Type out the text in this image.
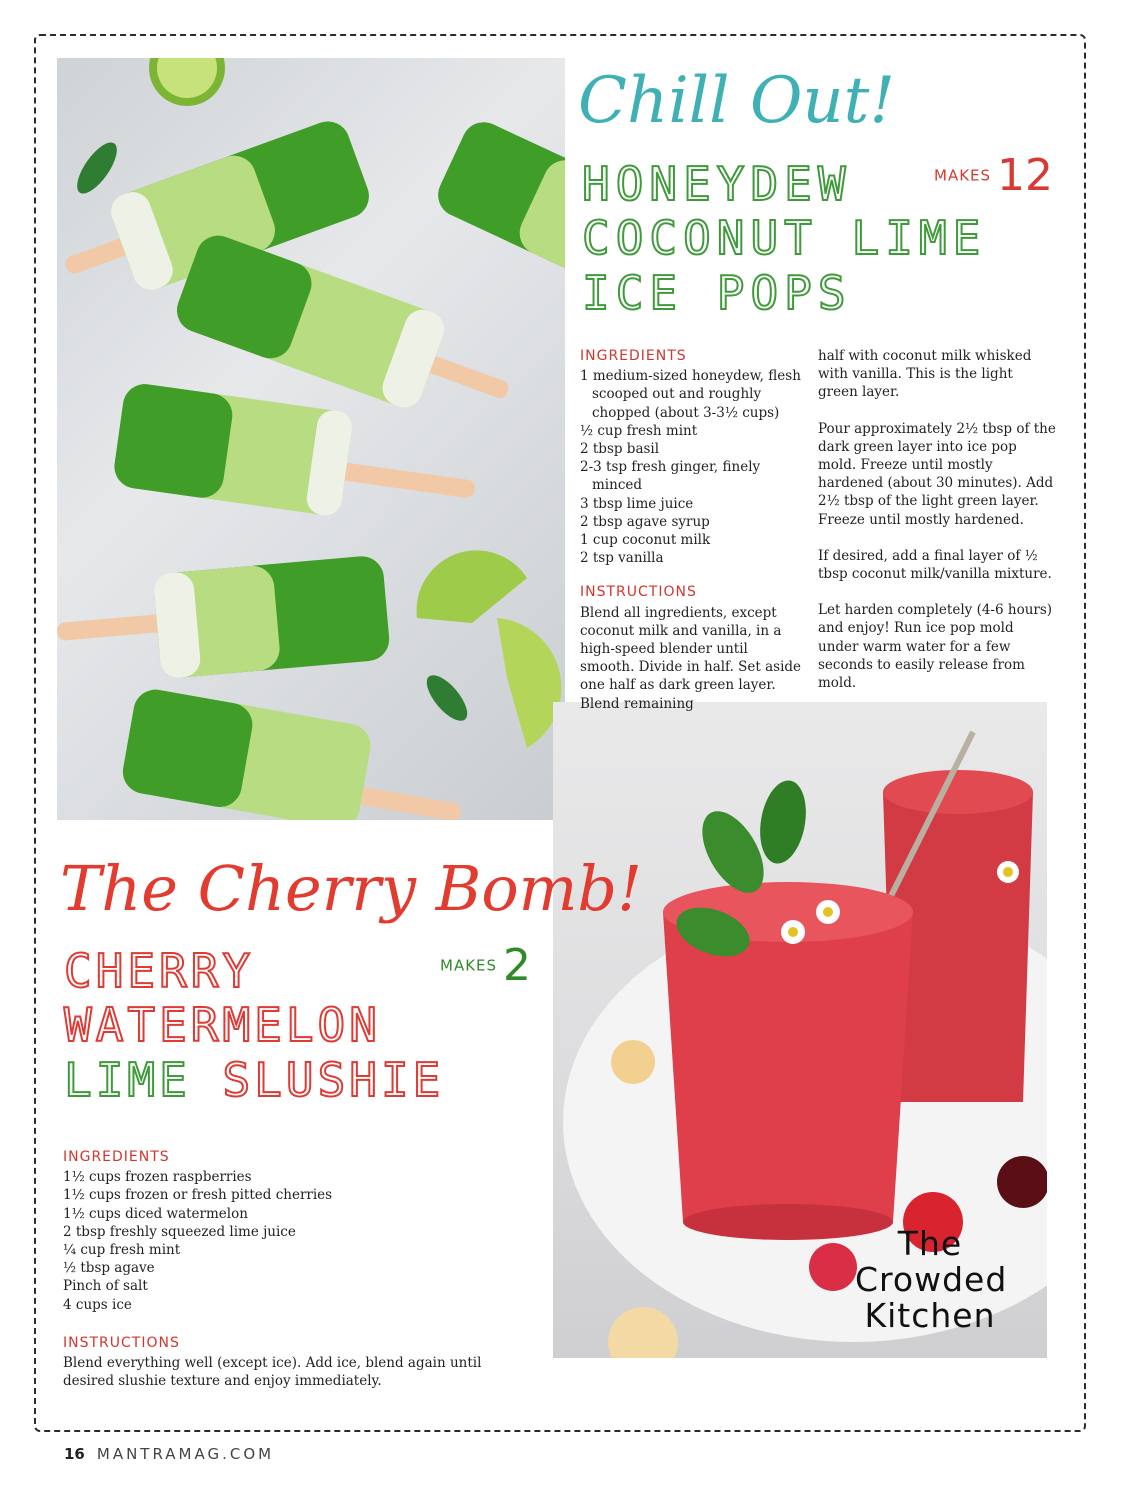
The
Crowded
Kitchen
Chill Out!
HONEYDEW
COCONUT LIME
ICE POPS
MAKES 12
INGREDIENTS
1 medium-sized honeydew, flesh scooped out and roughly chopped (about 3-3½ cups)
½ cup fresh mint
2 tbsp basil
2-3 tsp fresh ginger, finely minced
3 tbsp lime juice
2 tbsp agave syrup
1 cup coconut milk
2 tsp vanilla
INSTRUCTIONS

Blend all ingredients, except coconut milk and vanilla, in a high-speed blender until smooth. Divide in half. Set aside one half as dark green layer. Blend remaining

half with coconut milk whisked with vanilla. This is the light green layer.

Pour approximately 2½ tbsp of the dark green layer into ice pop mold. Freeze until mostly hardened (about 30 minutes). Add 2½ tbsp of the light green layer. Freeze until mostly hardened.

If desired, add a final layer of ½ tbsp coconut milk/vanilla mixture.

Let harden completely (4-6 hours) and enjoy! Run ice pop mold under warm water for a few seconds to easily release from mold.

The Cherry Bomb!
CHERRY
WATERMELON
LIME SLUSHIE
MAKES 2
INGREDIENTS
1½ cups frozen raspberries
1½ cups frozen or fresh pitted cherries
1½ cups diced watermelon
2 tbsp freshly squeezed lime juice
¼ cup fresh mint
½ tbsp agave
Pinch of salt
4 cups ice
INSTRUCTIONS

Blend everything well (except ice). Add ice, blend again until desired slushie texture and enjoy immediately.

16 MANTRAMAG.COM
